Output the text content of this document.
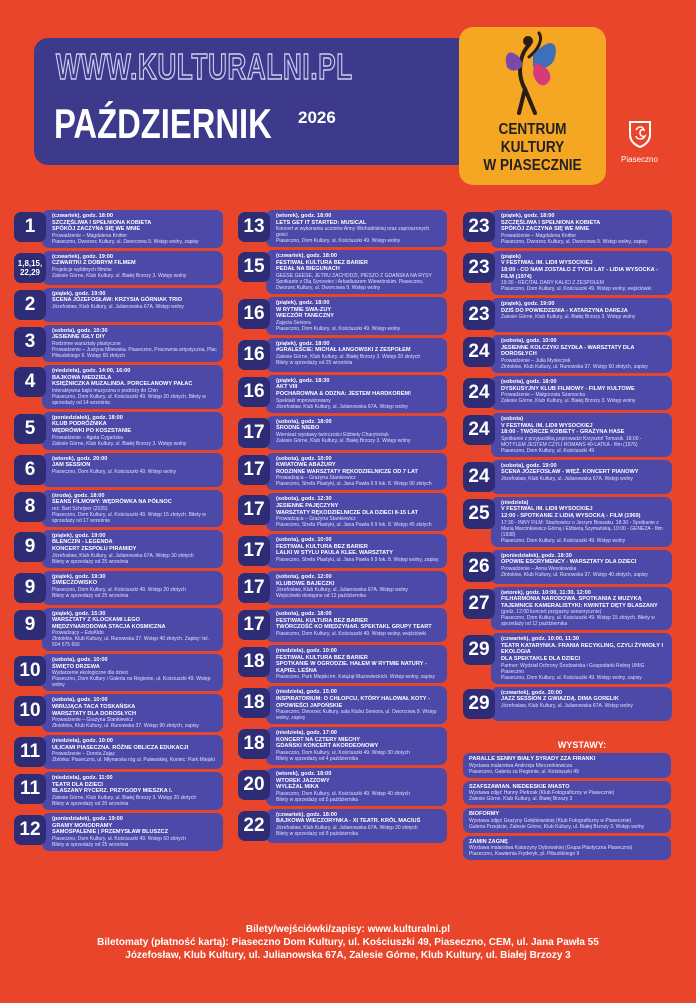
WWW.KULTURALNI.PL
PAŹDZIERNIK 2026
CENTRUM KULTURY
W PIASECZNIE	Piaseczno
1	(czwartek), godz. 18:00
SZCZĘŚLIWA I SPEŁNIONA KOBIETA
SPÓKÓJ ZACZYNA SIĘ WE MNIE
Prowadzenie – Magdalena Knitter
Piaseczno, Dworzec Kultury, ul. Dworcowa 9. Wstęp wolny, zapisy
1,8,15, 22,29
(czwartek), godz. 19:00
CZWARTKI Z DOBRYM FILMEM
Projekcje wybitnych filmów
Zalesie Górne, Klub Kultury, ul. Białej Brzozy 3. Wstęp wolny
2	(piątek), godz. 19:00
SCENA JÓZEFOSŁAW: KRZYSIA GÓRNIAK TRIO
Józefosław, Klub Kultury, ul. Julianowska 67A. Wstęp wolny
3	(sobota), godz. 10:30
JESIENNE IGŁY DIY
Rodzinne warsztaty plastyczne
Prowadzenie – Justyna Milewska. Piaseczno, Pracownia artystyczna, Plac Piłsudskiego 9. Wstęp 60 złotych
4	(niedziela), godz. 14:00, 16:00
BAJKOWA NIEDZIELA
KSIĘŻNICZKA MUZALINDA. PORCELANOWY PAŁAC
Interaktywna bajki muzyczna o podróży do Chin
Piaseczno, Dom Kultury, ul. Kościuszki 49. Wstęp 20 złotych. Bilety w sprzedaży od 14 września
5	(poniedziałek), godz. 18:00
KLUB PODRÓŻNIKA
WĘDRÓWKI PO KOSZSTANIE
Prowadzenie – Agata Cygańska
Zalesie Górne, Klub Kultury, ul. Białej Brzozy 3. Wstęp wolny
6	(wtorek), godz. 20:00
JAM SESSION
Piaseczno, Dom Kultury, ul. Kościuszki 49. Wstęp wolny
8	(środa), godz. 18:00
SEANS FILMOWY: WĘDRÓWKA NA PÓŁNOC
reż. Bart Schrijver (2025)
Piaseczno, Dom Kultury, ul. Kościuszki 49. Wstęp 15 złotych. Bilety w sprzedaży od 17 września
9	(piątek), godz. 19:00
BLENCZIN - LEGENDA
KONCERT ZESPOŁU PIRAMIDY
Józefosław, Klub Kultury, ul. Julianowska 67A. Wstęp 30 złotych
Bilety w sprzedaży od 25 września
9	(piątek), godz. 19:30
ŚWIECZOWISKO
Piaseczno, Dom Kultury, ul. Kościuszki 49. Wstęp 20 złotych
Bilety w sprzedaży od 25 września
9	(piątek), godz. 15:30
WARSZTATY Z KLOCKAMI LEGO
MIĘDZYNARODOWA STACJA KOSMICZNA
Prowadzący – EduKido
Złotokłos, Klub Kultury, ul. Runowska 37. Wstęp 40 złotych. Zapisy: tel. 504 575 656
10	(sobota), godz. 10:00
ŚWIĘTO DRZEWA
Wydarzenie ekologiczne dla dzieci
Piaseczno, Dom Kultury i Galeria na Regionie, ul. Kościuszki 49. Wstęp wolny
10	(sobota), godz. 10:00
WIRUJĄCA TACA TOSKAŃSKA
WARSZTATY DLA DOROSŁYCH
Prowadzenie – Grażyna Stankiewicz
Złotokłos, Klub Kultury, ul. Runowska 37. Wstęp 90 złotych, zapisy
11	(niedziela), godz. 10:00
ULICAMI PIASECZNA. RÓŻNE OBLICZA EDUKACJI
Prowadzenie – Dorota Zając
Zbiórka: Piaseczno, ul. Młynarska róg ul. Puławskiej. Koniec: Park Miejski
11	(niedziela), godz. 11:00
TEATR DLA DZIECI
BLASZANY RYCERZ. PRZYGODY MIESZKA I.
Zalesie Górne, Klub Kultury, ul. Białej Brzozy 3. Wstęp 20 złotych
Bilety w sprzedaży od 20 września
12	(poniedziałek), godz. 19:00
GRAMY MONODRAMY
SAMOSPALENIE | PRZEMYSŁAW BLUSZCZ
Piaseczno, Dom Kultury, ul. Kościuszki 49. Wstęp 60 złotych
Bilety w sprzedaży od 25 września
13	(wtorek), godz. 18:00
LETS GET IT STARTED: MUSICAL
Koncert w wykonaniu uczniów Anny Wichatińskiej oraz zaproszonych gości
Piaseczno, Dom Kultury, ul. Kościuszki 49. Wstęp wolny
15	(czwartek), godz. 18:00
FESTIWAL KULTURA BEZ BARIER
PEDAŁ NA BIEGUNACH
GEESE GEESE, JETRU ZACHODZI, PIESZO Z GDAŃSKA NA RYSY
Spotkanie z Olą Synowiec i Arkadiuszem Wiewiórskim. Piaseczno, Dworzec Kultury, ul. Dworcowa 9. Wstęp wolny
16	(piątek), godz. 18:00
W RYTMIE SWA-ZUY
WIECZÓR TANECZNY
Zajęcia Seniora
Piaseczno, Dom Kultury, ul. Kościuszki 49. Wstęp wolny
16	(piątek), godz. 18:00
#GRALEŚCIE: MICHAŁ ŁANGOWSKI Z ZESPOŁEM
Zalesie Górne, Klub Kultury, ul. Białej Brzozy 3. Wstęp 20 złotych
Bilety w sprzedaży od 25 września
16	(piątek), godz. 18:30
AKT VIII
POCHAROWNA & ODZNA: JESTEM HARDKOREM!
Spektakl improwizowany
Józefosław, Klub Kultury, ul. Julianowska 67A. Wstęp wolny
17	(sobota), godz. 18:00
ŚRODNE NIEBO
Wernisaż wystawy twórczości Elżbiety Charytoniuk
Zalesie Górne, Klub Kultury, ul. Białej Brzozy 3. Wstęp wolny
17	(sobota), godz. 10:00
KWIATOWE ABAŻURY
RODZINNE WARSZTATY RĘKODZIELNICZE OD 7 LAT
Prowadząca – Grażyna Stankiewicz
Piaseczno, Strefa Plastyki, ul. Jana Pawła II 9 lok. 8. Wstęp 90 złotych
17	(sobota), godz. 12:30
JESIENNE PAJĘCZYNY
WARSZTATY RĘKODZIELNICZE DLA DZIECI 8-15 LAT
Prowadząca – Grażyna Stankiewicz
Piaseczno, Strefa Plastyki, ul. Jana Pawła II 9 lok. 8. Wstęp 45 złotych
17	(sobota), godz. 10:00
FESTIWAL KULTURA BEZ BARIER
LALKI W STYLU PAULA KLEE. WARSZTATY
Piaseczno, Strefa Plastyki, ul. Jana Pawła II 9 lok. 8. Wstęp wolny, zapisy
17	(sobota), godz. 12:00
KLUBOWE BAJECZKI
Józefosław, Klub Kultury, ul. Julianowska 67A. Wstęp wolny
Wejściówki dostępne od 12 października
17	(sobota), godz. 18:00
FESTIWAL KULTURA BEZ BARIER
TWÓRCZOŚĆ KO MIĘDZYNAR. SPEKTAKL GRUPY TEART
Piaseczno, Dom Kultury, ul. Kościuszki 49. Wstęp wolny, wejściówki
18	(niedziela), godz. 10:00
FESTIWAL KULTURA BEZ BARIER
SPOTKANIE W OGRODZIE. HAŁEM W RYTMIE NATURY - KĄPIEL LEŚNA
Piaseczno, Park Miejski im. Książąt Mazowieckich. Wstęp wolny, zapisy
18	(niedziela), godz. 15:00
INSPIRATORIUM: O CHŁOPCU, KTÓRY HALOWAŁ KOTY - OPOWIEŚCI JAPOŃSKIE
Piaseczno, Dworzec Kultury, sala Klubu Seniora, ul. Dworcowa 9. Wstęp wolny, zapisy
18	(niedziela), godz. 17:00
KONCERT NA CZTERY MIECHY
GDAŃSKI KONCERT AKORDEONOWY
Piaseczno, Dom Kultury, ul. Kościuszki 49. Wstęp 30 złotych
Bilety w sprzedaży od 4 października
20	(wtorek), godz. 18:00
WTOREK JAZZOWY
WYLEŻAL MIKA
Piaseczno, Dom Kultury, ul. Kościuszki 49. Wstęp 40 złotych
Bilety w sprzedaży od 5 października
22	(czwartek), godz. 18:00
BAJKOWA WIECZORYNKA - XI TEATR. KRÓL MACIUŚ
Józefosław, Klub Kultury, ul. Julianowska 67A. Wstęp 20 złotych
Bilety w sprzedaży od 8 października
23	(piątek), godz. 18:00
SZCZĘŚLIWA I SPEŁNIONA KOBIETA
SPÓKÓJ ZACZYNA SIĘ WE MNIE
Prowadzenie – Magdalena Knitter
Piaseczno, Dworzec Kultury, ul. Dworcowa 9. Wstęp wolny, zapisy
23	(piątek)
V FESTIWAL IM. LIDII WYSOCKIEJ
18:00 - CO NAM ZOSTAŁO Z TYCH LAT - LIDIA WYSOCKA - FILM (1974)
19:30 - RECITAL DARY KALICI Z ZESPOŁEM
Piaseczno, Dom Kultury, ul. Kościuszki 49. Wstęp wolny, wejściówki
23	(piątek), godz. 19:00
DZIŚ DO POWIEDZENIA - KATARZYNA DAREJA
Zalesie Górne, Klub Kultury, ul. Białej Brzozy 3. Wstęp wolny
24	(sobota), godz. 10:00
JESIENNE KOLCZYKI SZYDŁA - WARSZTATY DLA DOROSŁYCH
Prowadzenie – Julia Mysłeczek
Złotokłos, Klub Kultury, ul. Runowska 37. Wstęp 60 złotych, zapisy
24	(sobota), godz. 18:00
DYSKUSYJNY KLUB FILMOWY - FILMY KULTOWE
Prowadzenie – Małgorzata Szamocka
Zalesie Górne, Klub Kultury, ul. Białej Brzozy 3. Wstęp wolny
24	(sobota)
V FESTIWAL IM. LIDII WYSOCKIEJ
18:00 - TWÓRCZE KOBIETY - GRAŻYNA HASE
Spotkanie z przyjaciółką poprowadzi Krzysztof Tomasik. 18:00 - MOTYLEM JESTEM CZYLI ROMANS 40-LATKA - film (1976)
Piaseczno, Dom Kultury, ul. Kościuszki 49
24	(sobota), godz. 19:00
SCENA JÓZEFOSŁAW - WIĘŹ. KONCERT PIANOWY
Józefosław, Klub Kultury, ul. Julianowska 67A. Wstęp wolny
25	(niedziela)
V FESTIWAL IM. LIDII WYSOCKIEJ
12:00 - SPOTKANIE Z LIDIĄ WYSOCKĄ - FILM (1969)
17:30 - INNY FILM: Stachowicz o Jerzym Bossaku. 18:30 - Spotkanie z Marią Marcinkiewicz-Górną i Elżbietą Szymańską. 19:00 - GENEZA - film (1938)
Piaseczno, Dom Kultury, ul. Kościuszki 49. Wstęp wolny
26	(poniedziałek), godz. 18:30
OPOWIE ESCRYMENCY - WARSZTATY DLA DZIECI
Prowadzenie – Anna Wesołowska
Złotokłos, Klub Kultury, ul. Runowska 37. Wstęp 40 złotych, zapisy
27	(wtorek), godz. 10:00, 11:30, 12:00
FILHARMONIA NARODOWA. SPOTKANIA Z MUZYKĄ
TAJEMNICE KAMERALISTYKI: KWINTET DĘTY BLASZANY
(godz. 12:00 koncert przyjazny sensorycznie)
Piaseczno, Dom Kultury, ul. Kościuszki 49. Wstęp 15 złotych. Bilety w sprzedaży od 12 października
29	(czwartek), godz. 10:00, 11:30
TEATR KATARYNKA. FRANIA RECYKLING, CZYLI ŻYWIOŁY I EKOLOGIA
DLA SPEKTAKLE DLA DZIECI
Partner: Wydział Ochrony Środowiska i Gospodarki Rolnej UMiG Piaseczno
Piaseczno, Dom Kultury, ul. Kościuszki 49. Wstęp wolny, zapisy
29	(czwartek), godz. 20:00
JAZZ SESSION Z GWIAZDĄ. DIMA GORELIK
Józefosław, Klub Kultury, ul. Julianowska 67A. Wstęp wolny
WYSTAWY:
PARALLE SENNY BIAŁY SYRADY ZZA FIRANKI
Wystawa malarstwa Andrzeja Mieczerkiewicza
Piaseczno, Galeria za Regionie, ul. Kościuszki 49
SZAFSZAWIAN. NIEDEESKIE MIASTO
Wystawa zdjęć Hanny Pietrzak (Klub Fotograficzny w Piasecznie)
Zalesie Górne, Klub Kultury, ul. Białej Brzozy 3
BIOFORMY
Wystawa zdjęć Grażyny Gołębiowskiej (Klub Fotograficzny w Piasecznie)
Galeria Przejście, Zalesie Górne, Klub Kultury, ul. Białej Brzozy 3. Wstęp wolny
ZAMIN ZAGNĘ
Wystawa malarstwa Katarzyny Dybowskiej (Grupa Plastyczna Piaseczno)
Piaseczno, Kawiarnia Fryderyk, pl. Piłsudskiego 9
Bilety/wejściówki/zapisy: www.kulturalni.pl
Biletomaty (płatność kartą): Piaseczno Dom Kultury, ul. Kościuszki 49, Piaseczno, CEM, ul. Jana Pawła 55
Józefosław, Klub Kultury, ul. Julianowska 67A, Zalesie Górne, Klub Kultury, ul. Białej Brzozy 3
